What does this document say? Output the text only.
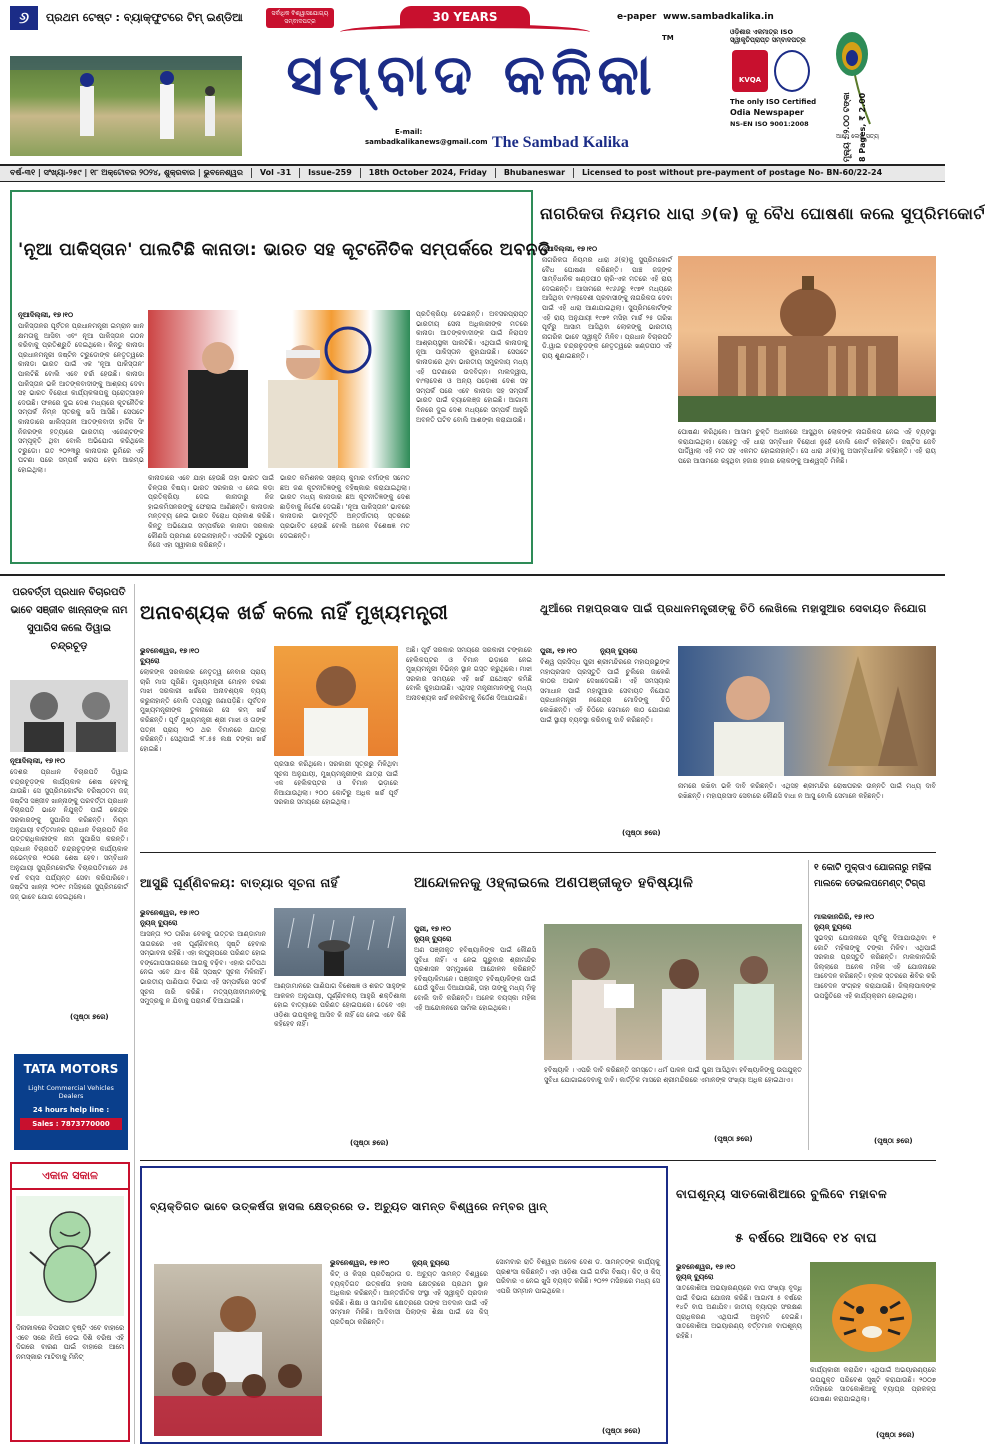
୬	ପ୍ରଥମ ଟେଷ୍ଟ : ବ୍ୟାକ୍‌ଫୁଟରେ ଟିମ୍ ଇଣ୍ଡିଆ	ସର୍ବାଧିକ ବିଶ୍ୱାସଯୋଗ୍ୟ ସମ୍ବାଦପତ୍ର	30 YEARS
ସମ୍ବାଦ କଳିକା
E-mail:
sambadkalikanews@gmail.com The Sambad Kalika
TM
e-paper www.sambadkalika.in
ଓଡ଼ିଶାର ଏକମାତ୍ର ISO ସ୍ୱୀକୃତିପ୍ରାପ୍ତ ସମ୍ବାଦପତ୍ର
KVQA
The only ISO Certified
Odia Newspaper
NS-EN ISO 9001:2008
ଆମେ ଲେଖୁ ସତ୍ୟ
ମୂଲ୍ୟ : ୨.୦୦ ଟଙ୍କା 8 Pages, ₹ 2.00
ବର୍ଷ-୩୧ | ସଂଖ୍ୟା-୨୫୯ | ୧୮ ଅକ୍ଟୋବର ୨୦୨୪, ଶୁକ୍ରବାର | ଭୁବନେଶ୍ୱର Vol -31 Issue-259 18th October 2024, Friday Bhubaneswar Licensed to post without pre-payment of postage No- BN-60/22-24
'ନୂଆ ପାକିସ୍ତାନ' ପାଲଟିଛି କାନାଡା: ଭାରତ ସହ କୂଟନୈତିକ ସମ୍ପର୍କରେ ଅବନତି
ନୂଆଦିଲ୍ଲୀ, ୧୭।୧୦
ପାକିସ୍ତାନର ପୂର୍ବତନ ପ୍ରଧାନମନ୍ତ୍ରୀ ଇମ୍ରାନ ଖାନ କ୍ଷମତାକୁ ଆସିବା ଏବଂ ନୂଆ ପାକିସ୍ତାନ ଗଠନ କରିବାକୁ ପ୍ରତିଶ୍ରୁତି ଦେଇଥିଲେ। କିନ୍ତୁ କାନାଡା ପ୍ରଧାନମନ୍ତ୍ରୀ ଜଷ୍ଟିନ ଟ୍ରୁଡୋଙ୍କ ନେତୃତ୍ୱରେ କାନାଡା ଭାରତ ପାଇଁ ଏକ 'ନୂଆ ପାକିସ୍ତାନ' ପାଲଟିଛି ବୋଲି ଏବେ ଚର୍ଚ୍ଚା ହେଉଛି। କାନାଡା ପାକିସ୍ତାନ ଭଳି ଆତଙ୍କବାଦୀଙ୍କୁ ଆଶ୍ରୟ ଦେବା ସହ ଭାରତ ବିରୋଧୀ କାର୍ଯ୍ୟକଳାପକୁ ପ୍ରୋତ୍ସାହନ ଦେଉଛି। ଫଳରେ ଦୁଇ ଦେଶ ମଧ୍ୟରେ କୂଟନୈତିକ ସମ୍ପର୍କ ନିମ୍ନ ସ୍ତରକୁ ଖସି ଆସିଛି। ସେପଟେ କାନାଡାରେ ଖାଲିସ୍ତାନୀ ଆତଙ୍କବାଦୀ ହାର୍ଦ୍ଦିକ ସିଂ ନିଜରଙ୍କ ହତ୍ୟାରେ ଭାରତୀୟ ଏଜେଣ୍ଟଙ୍କ ସମ୍ପୃକ୍ତି ଥିବା ବୋଲି ଅଭିଯୋଗ କରିଥିଲେ ଟ୍ରୁଡୋ। ଗତ ୨୦୨୩ରୁ କାନାଡାର ଭୂମିରେ ଏହି ଘଟଣା ପରେ ସମ୍ପର୍କ ଖରାପ ହେବା ଆରମ୍ଭ ହୋଇଥିଲା।
କାନାଡାରେ ଏବେ ଯାହା ହେଉଛି ତାହା ଭାରତ ପାଇଁ ଚିନ୍ତାର ବିଷୟ। ଭାରତ ସରକାର ଏ ନେଇ କଡ଼ା ପ୍ରତିକ୍ରିୟା ଦେଇ କାନାଡାରୁ ନିଜ ହାଇକମିସନରଙ୍କୁ ଫେରାଇ ଆଣିଛନ୍ତି। କାନାଡାର ମନ୍ତବ୍ୟ ନେଇ ଭାରତ ବିରୋଧ ପ୍ରକାଶ କରିଛି। କିନ୍ତୁ ଅଭିଯୋଗ ସମ୍ପର୍କରେ କାନାଡା ସରକାର କୌଣସି ପ୍ରମାଣ ଦେଇନାହାନ୍ତି। ଏପରିକି ଟ୍ରୁଡୋ ନିଜେ ଏହା ସ୍ୱୀକାର କରିଛନ୍ତି।
ଭାରତ କମିଶନର ସଞ୍ଜୟ କୁମାର ବର୍ମାଙ୍କ ସମେତ ଛଅ ଜଣ କୂଟନୀତିଜ୍ଞଙ୍କୁ ବହିଷ୍କାର କରାଯାଇଥିଲା। ଭାରତ ମଧ୍ୟ କାନାଡାର ଛଅ କୂଟନୀତିଜ୍ଞଙ୍କୁ ଦେଶ ଛାଡ଼ିବାକୁ ନିର୍ଦ୍ଦେଶ ଦେଇଛି। 'ନୂଆ ପାକିସ୍ତାନ' ଭାବରେ କାନାଡାର ଭାବମୂର୍ତ୍ତି ଅନ୍ତର୍ଜାତୀୟ ସ୍ତରରେ ପ୍ରଭାବିତ ହେଉଛି ବୋଲି ଅନେକ ବିଶେଷଜ୍ଞ ମତ ଦେଇଛନ୍ତି।
ପ୍ରତିକ୍ରିୟା ଦେଇଛନ୍ତି। ଅବସରପ୍ରାପ୍ତ ଭାରତୀୟ ସେନା ଅଧିକାରୀଙ୍କ ମତରେ କାନାଡା ଆତଙ୍କବାଦୀଙ୍କ ପାଇଁ ନିରାପଦ ଆଶ୍ରୟସ୍ଥଳୀ ପାଲଟିଛି। ଏଥିପାଇଁ କାନାଡାକୁ ନୂଆ ପାକିସ୍ତାନ କୁହାଯାଉଛି। ସେପଟେ କାନାଡାରେ ଥିବା ଭାରତୀୟ ସମ୍ପ୍ରଦାୟ ମଧ୍ୟ ଏହି ଘଟଣାରେ ଉଦବିଗ୍ନ। ମାଲଦ୍ୱୀପ, ବାଂଲାଦେଶ ଓ ଅନ୍ୟ ପଡ଼ୋଶୀ ଦେଶ ସହ ସମ୍ପର୍କ ପରେ ଏବେ କାନାଡା ସହ ସମ୍ପର୍କ ଭାରତ ପାଇଁ ଚ୍ୟାଲେଞ୍ଜ ହୋଇଛି। ଆଗାମୀ ଦିନରେ ଦୁଇ ଦେଶ ମଧ୍ୟରେ ସମ୍ପର୍କ ଆହୁରି ଅବନତି ଘଟିବ ବୋଲି ଆଶଙ୍କା କରାଯାଉଛି।
ନାଗରିକତା ନିୟମର ଧାରା ୬(କ) କୁ ବୈଧ ଘୋଷଣା କଲେ ସୁପ୍ରିମକୋର୍ଟ
ନୂଆଦିଲ୍ଲୀ, ୧୭।୧୦
ନାଗରିକତା ନିୟମର ଧାରା ୬(କ)କୁ ସୁପ୍ରିମକୋର୍ଟ ବୈଧ ଘୋଷଣା କରିଛନ୍ତି। ପାଞ୍ଚ ଜଜ୍‌ଙ୍କ ସାମ୍ବିଧାନିକ ଖଣ୍ଡପୀଠ ଚାରି-ଏକ ମତରେ ଏହି ରାୟ ଦେଇଛନ୍ତି। ଆସାମରେ ୧୯୬୬ରୁ ୧୯୭୧ ମଧ୍ୟରେ ଆସିଥିବା ବାଂଲାଦେଶୀ ପ୍ରବାସୀଙ୍କୁ ନାଗରିକତା ଦେବା ପାଇଁ ଏହି ଧାରା ଆଣାଯାଇଥିଲା। ସୁପ୍ରିମକୋର୍ଟଙ୍କ ଏହି ରାୟ ଅନୁଯାୟୀ ୧୯୭୧ ମସିହା ମାର୍ଚ୍ଚ ୨୫ ତାରିଖ ପୂର୍ବରୁ ଆସାମ ଆସିଥିବା ଲୋକଙ୍କୁ ଭାରତୀୟ ନାଗରିକ ଭାବେ ସ୍ୱୀକୃତି ମିଳିବ। ପ୍ରଧାନ ବିଚାରପତି ଡି.ୱାଇ ଚନ୍ଦ୍ରଚୂଡ଼ଙ୍କ ନେତୃତ୍ୱରେ ଖଣ୍ଡପୀଠ ଏହି ରାୟ ଶୁଣାଇଛନ୍ତି।
ଘୋଷଣା କରିଥିଲେ। ଆସାମ ଚୁକ୍ତି ଅଧୀନରେ ଆସୁଥିବା ଲୋକଙ୍କ ନାଗରିକତା ନେଇ ଏହି ବ୍ୟବସ୍ଥା କରାଯାଇଥିଲା। ସେହେତୁ ଏହି ଧାରା ସମ୍ବିଧାନ ବିରୋଧୀ ନୁହେଁ ବୋଲି କୋର୍ଟ କହିଛନ୍ତି। ଜଷ୍ଟିସ ଜେବି ପାର୍ଦ୍ଦିୱାଲା ଏହି ମତ ସହ ଏକମତ ହୋଇନାହାନ୍ତି। ସେ ଧାରା ୬(କ)କୁ ଅସାମ୍ବିଧାନିକ କହିଛନ୍ତି। ଏହି ରାୟ ପରେ ଆସାମରେ ରହୁଥିବା ହଜାର ହଜାର ଲୋକଙ୍କୁ ଆଶ୍ୱସ୍ତି ମିଳିଛି।
ପରବର୍ତ୍ତୀ ପ୍ରଧାନ ବିଚାରପତି ଭାବେ ସଞ୍ଜୀବ ଖାନ୍ନାଙ୍କ ନାମ ସୁପାରିସ କଲେ ଡିୱାଇ ଚନ୍ଦ୍ରଚୂଡ଼
ନୂଆଦିଲ୍ଲୀ, ୧୭।୧୦
ଦେଶର ପ୍ରଧାନ ବିଚାରପତି ଡିୱାଇ ଚନ୍ଦ୍ରଚୂଡ଼ଙ୍କ କାର୍ଯ୍ୟକାଳ ଶେଷ ହେବାକୁ ଯାଉଛି। ସେ ସୁପ୍ରିମକୋର୍ଟର ବରିଷ୍ଠତମ ଜଜ୍ ଜଷ୍ଟିସ ସଞ୍ଜୀବ ଖାନ୍ନାଙ୍କୁ ପରବର୍ତ୍ତୀ ପ୍ରଧାନ ବିଚାରପତି ଭାବେ ନିଯୁକ୍ତି ପାଇଁ କେନ୍ଦ୍ର ସରକାରଙ୍କୁ ସୁପାରିସ କରିଛନ୍ତି। ନିୟମ ଅନୁଯାୟୀ ବର୍ତ୍ତମାନର ପ୍ରଧାନ ବିଚାରପତି ନିଜ ଉତ୍ତରାଧିକାରୀଙ୍କ ନାମ ସୁପାରିସ କରନ୍ତି। ପ୍ରଧାନ ବିଚାରପତି ଚନ୍ଦ୍ରଚୂଡ଼ଙ୍କ କାର୍ଯ୍ୟକାଳ ନଭେମ୍ବର ୧୦ରେ ଶେଷ ହେବ। ସମ୍ବିଧାନ ଅନୁଯାୟୀ ସୁପ୍ରିମକୋର୍ଟର ବିଚାରପତିମାନେ ୬୫ ବର୍ଷ ବୟସ ପର୍ଯ୍ୟନ୍ତ ସେବା କରିପାରିବେ। ଜଷ୍ଟିସ ଖାନ୍ନା ୨୦୧୯ ମସିହାରେ ସୁପ୍ରିମକୋର୍ଟ ଜଜ୍ ଭାବେ ଯୋଗ ଦେଇଥିଲେ।
(ପୃଷ୍ଠା ୭ରେ)
TATA MOTORS
Light Commercial Vehicles
Dealers
24 hours help line :
Sales : 7873770000
ଏକାଳ ସକାଳ
ଦିନାକାଳରେ ବିପରୀତ ବୃଷ୍ଟି ଏବେ ବାହାରେ ଏବେ ସରେ ନିଆଁ ଦେଇ ଦିଶି ବରିଷ ଏହି ଦିଗରେ ବାରଣ ପାଇଁ ବାହାରେ ଆମେ ନମସ୍କାର ମାଟିବାକୁ ମିନିଟ୍
ଅନାବଶ୍ୟକ ଖର୍ଚ୍ଚ କଲେ ନାହିଁ ମୁଖ୍ୟମନ୍ତ୍ରୀ
ଭୁବନେଶ୍ୱର, ୧୭।୧୦
ବ୍ୟୁରୋ
ଲୋକଙ୍କ ସରକାରର ନେତୃତ୍ୱ ନେବାର ପ୍ରାୟ ଚାରି ମାସ ପୂରିଛି। ମୁଖ୍ୟମନ୍ତ୍ରୀ ମୋହନ ଚରଣ ମାଝୀ ସରକାରୀ ଖର୍ଚ୍ଚରେ ଅନାବଶ୍ୟକ ବ୍ୟୟ କରୁନାହାନ୍ତି ବୋଲି ତଥ୍ୟରୁ ଜଣାପଡ଼ିଛି। ପୂର୍ବତନ ମୁଖ୍ୟମନ୍ତ୍ରୀଙ୍କ ତୁଳନାରେ ସେ କମ୍ ଖର୍ଚ୍ଚ କରିଛନ୍ତି। ପୂର୍ବ ମୁଖ୍ୟମନ୍ତ୍ରୀ ଶ୍ରୀ ମାଝୀ ଓ ତାଙ୍କ ପତ୍ନୀ ପ୍ରାୟ ୨୦ ଥର ବିମାନରେ ଯାତ୍ରା କରିଛନ୍ତି। ସେଥିପାଇଁ ୨୮.୫୫ ଲକ୍ଷ ଟଙ୍କା ଖର୍ଚ୍ଚ ହୋଇଛି।
ପ୍ରସାର କରିଥିଲେ। ସରକାରୀ ସୂତ୍ରରୁ ମିଳିଥିବା ସୂଚନା ଅନୁଯାୟୀ, ମୁଖ୍ୟମନ୍ତ୍ରୀଙ୍କ ଯାତ୍ରା ପାଇଁ ଏକ ହେଲିକପ୍ଟର ଓ ବିମାନ ଭଡ଼ାରେ ନିଆଯାଉଥିଲା। ୨୦୦ କୋଟିରୁ ଅଧିକ ଖର୍ଚ୍ଚ ପୂର୍ବ ସରକାର ସମୟରେ ହୋଇଥିଲା।
ଅଛି। ପୂର୍ବ ସରକାର ସମୟରେ ସରକାରୀ ଟଙ୍କାରେ ହେଲିକପ୍ଟର ଓ ବିମାନ ଭଡ଼ାରେ ନେଇ ମୁଖ୍ୟମନ୍ତ୍ରୀ ବିଭିନ୍ନ ସ୍ଥାନ ଗସ୍ତ କରୁଥିଲେ। ମାଝୀ ସରକାର ସମୟରେ ଏହି ଖର୍ଚ୍ଚ ଯଥେଷ୍ଟ କମିଛି ବୋଲି କୁହାଯାଉଛି। ଏଥିସହ ମନ୍ତ୍ରୀମାନଙ୍କୁ ମଧ୍ୟ ଅନାବଶ୍ୟକ ଖର୍ଚ୍ଚ ନକରିବାକୁ ନିର୍ଦ୍ଦେଶ ଦିଆଯାଇଛି।
ଥୁଆଁରେ ମହାପ୍ରସାଦ ପାଇଁ ପ୍ରଧାନମନ୍ତ୍ରୀଙ୍କୁ ଚିଠି ଲେଖିଲେ ମହାସୁଆର ସେବାୟତ ନିଯୋଗ
ପୁରୀ, ୧୭।୧୦	ନ୍ୟୁଜ୍ ବ୍ୟୁରୋ
ବିଶ୍ୱ ପ୍ରସିଦ୍ଧ ପୁରୀ ଶ୍ରୀମନ୍ଦିରରେ ମହାପ୍ରଭୁଙ୍କ ମହାପ୍ରସାଦ ପ୍ରସ୍ତୁତି ପାଇଁ ଚୁଲିରେ ଜାଳେଣି କାଠର ଅଭାବ ଦେଖାଦେଇଛି। ଏହି ସମସ୍ୟାର ସମାଧାନ ପାଇଁ ମହାସୁଆର ସେବାୟତ ନିଯୋଗ ପ୍ରଧାନମନ୍ତ୍ରୀ ନରେନ୍ଦ୍ର ମୋଦିଙ୍କୁ ଚିଠି ଲେଖିଛନ୍ତି। ଏହି ଚିଠିରେ ସେମାନେ କାଠ ଯୋଗାଣ ପାଇଁ ସ୍ଥାୟୀ ବ୍ୟବସ୍ଥା କରିବାକୁ ଦାବି କରିଛନ୍ତି।
ନାମରେ ରଖିବା ଭଳି ଦାବି କରିଛନ୍ତି। ଏଥିସହ ଶ୍ରୀମନ୍ଦିର ରୋଷଘରର ଉନ୍ନତି ପାଇଁ ମଧ୍ୟ ଦାବି ରଖିଛନ୍ତି। ମହାପ୍ରସାଦ ସେବାରେ କୌଣସି ବାଧା ନ ଆସୁ ବୋଲି ସେମାନେ କହିଛନ୍ତି।
(ପୃଷ୍ଠା ୭ରେ)
ଆସୁଛି ଘୂର୍ଣ୍ଣିବଳୟ: ବାତ୍ୟାର ସୂଚନା ନାହିଁ
ଭୁବନେଶ୍ୱର, ୧୭।୧୦
ନ୍ୟୁଜ୍ ବ୍ୟୁରୋ
ଆସନ୍ତା ୨୦ ତାରିଖ ବେଳକୁ ଉତ୍ତର ଆଣ୍ଡାମାନ ସାଗରରେ ଏକ ଘୂର୍ଣ୍ଣିବଳୟ ସୃଷ୍ଟି ହେବାର ସମ୍ଭାବନା ରହିଛି। ଏହା ଲଘୁଚାପରେ ପରିଣତ ହୋଇ ବଙ୍ଗୋପସାଗରରେ ଆଗକୁ ବଢ଼ିବ। ଏହାର ଗତିପଥ ନେଇ ଏବେ ଯାଏ କିଛି ସ୍ପଷ୍ଟ ସୂଚନା ମିଳିନାହିଁ। ଭାରତୀୟ ପାଣିପାଗ ବିଭାଗ ଏହି ସମ୍ପର୍କରେ ସତର୍କ ସୂଚନା ଜାରି କରିଛି। ମତ୍ସ୍ୟଜୀବୀମାନଙ୍କୁ ସମୁଦ୍ରକୁ ନ ଯିବାକୁ ପରାମର୍ଶ ଦିଆଯାଇଛି।
ଆଣ୍ଡାମାନରେ ପାଣିପାଗ ବିଶେଷଜ୍ଞ ଓ ଶରତ ସାହୁଙ୍କ ଆକଳନ ଅନୁଯାୟୀ, ଘୂର୍ଣ୍ଣିବଳୟ ଆହୁରି ଶକ୍ତିଶାଳୀ ହୋଇ ବାତ୍ୟାରେ ପରିଣତ ହୋଇପାରେ। ତେବେ ଏହା ଓଡ଼ିଶା ଉପକୂଳକୁ ଆସିବ କି ନାହିଁ ସେ ନେଇ ଏବେ କିଛି କହିହେବ ନାହିଁ।
(ପୃଷ୍ଠା ୭ରେ)
ଆନ୍ଦୋଳନକୁ ଓହ୍ଲାଇଲେ ଅଣପଞ୍ଜୀକୃତ ହବିଷ୍ୟାଳି
ପୁରୀ, ୧୭।୧୦
ନ୍ୟୁଜ୍ ବ୍ୟୁରୋ
ଅଣ ପଞ୍ଜୀକୃତ ହବିଷ୍ୟାଳିଙ୍କ ପାଇଁ କୌଣସି ସୁବିଧା ନାହିଁ। ଏ ନେଇ ଗୁରୁବାର ଶ୍ରୀମନ୍ଦିର ପ୍ରଶାସନ ସମ୍ମୁଖରେ ଆନ୍ଦୋଳନ କରିଛନ୍ତି ହବିଷ୍ୟାଳିମାନେ। ପଞ୍ଜୀକୃତ ହବିଷ୍ୟାଳିଙ୍କ ପାଇଁ ଯେଉଁ ସୁବିଧା ଦିଆଯାଉଛି, ତାହା ତାଙ୍କୁ ମଧ୍ୟ ମିଳୁ ବୋଲି ଦାବି କରିଛନ୍ତି। ଅନେକ ବୟସ୍କା ମହିଳା ଏହି ଆନ୍ଦୋଳନରେ ସାମିଲ ହୋଇଥିଲେ।
ହବିଷ୍ୟାଳି । ଏପରି ଦାବି କରିଛନ୍ତି ସମସ୍ତେ। ଧର୍ମ ପାଳନ ପାଇଁ ପୁରୀ ଆସିଥିବା ହବିଷ୍ୟାଳିଙ୍କୁ ଉପଯୁକ୍ତ ସୁବିଧା ଯୋଗାଇଦେବାକୁ ଦାବି। କାର୍ତ୍ତିକ ମାସରେ ଶ୍ରୀମନ୍ଦିରରେ ଏମାନଙ୍କ ସଂଖ୍ୟା ଅଧିକ ହୋଇଥାଏ।
(ପୃଷ୍ଠା ୭ରେ)
୧ କୋଟି ମୁକ୍ତାଏ ଯୋଜନାରୁ ମହିଳା ମାଲକେ ଡେଭଲପମେଣ୍ଟ୍ ଟିଗ୍ରା
ମାଲକାନଗିରି, ୧୭।୧୦
ନ୍ୟୁଜ୍ ବ୍ୟୁରୋ
ସୁଭଦ୍ରା ଯୋଜନାରେ ପୂର୍ବକୁ ଦିଆଯାଉଥିବା ୧ କୋଟି ମହିଳାଙ୍କୁ ଟଙ୍କା ମିଳିବ। ଏଥିପାଇଁ ସରକାର ପ୍ରସ୍ତୁତି କରିଛନ୍ତି। ମାଲକାନଗିରି ଜିଲ୍ଲାରେ ଅନେକ ମହିଳା ଏହି ଯୋଜନାରେ ଆବେଦନ କରିଛନ୍ତି। ବ୍ଲକ ସ୍ତରରେ ଶିବିର କରି ଆବେଦନ ସଂଗ୍ରହ କରାଯାଉଛି। ଜିଲ୍ଲାପାଳଙ୍କ ଉପସ୍ଥିତିରେ ଏହି କାର୍ଯ୍ୟକ୍ରମ ହୋଇଥିଲା।
(ପୃଷ୍ଠା ୭ରେ)
ବ୍ୟକ୍ତିଗତ ଭାବେ ଉତ୍କର୍ଷତା ହାସଲ କ୍ଷେତ୍ରରେ ଡ. ଅଚ୍ୟୁତ ସାମନ୍ତ ବିଶ୍ୱରେ ନମ୍ବର ୱାନ୍
ଭୁବନେଶ୍ୱର, ୧୭।୧୦	ନ୍ୟୁଜ୍ ବ୍ୟୁରୋ
କିଟ୍ ଓ କିସ୍‌ର ପ୍ରତିଷ୍ଠାତା ଡ. ଅଚ୍ୟୁତ ସାମନ୍ତ ବିଶ୍ୱରେ ବ୍ୟକ୍ତିଗତ ଉତ୍କର୍ଷତା ହାସଲ କ୍ଷେତ୍ରରେ ପ୍ରଥମ ସ୍ଥାନ ଅଧିକାର କରିଛନ୍ତି। ଆନ୍ତର୍ଜାତିକ ସଂସ୍ଥା ଏହି ସ୍ୱୀକୃତି ପ୍ରଦାନ କରିଛି। ଶିକ୍ଷା ଓ ସାମାଜିକ କ୍ଷେତ୍ରରେ ତାଙ୍କ ଅବଦାନ ପାଇଁ ଏହି ସମ୍ମାନ ମିଳିଛି। ଆଦିବାସୀ ପିଲାଙ୍କ ଶିକ୍ଷା ପାଇଁ ସେ କିସ୍ ପ୍ରତିଷ୍ଠା କରିଛନ୍ତି।
ସୋମବାର ରାତି ବିଶ୍ୱର ଅନେକ ଦେଶ ଡ. ସାମନ୍ତଙ୍କ କାର୍ଯ୍ୟକୁ ପ୍ରଶଂସା କରିଛନ୍ତି। ଏହା ଓଡ଼ିଶା ପାଇଁ ଗର୍ବର ବିଷୟ। କିଟ୍ ଓ କିସ୍ ପରିବାର ଏ ନେଇ ଖୁସି ବ୍ୟକ୍ତ କରିଛି। ୨୦୨୨ ମସିହାରେ ମଧ୍ୟ ସେ ଏପରି ସମ୍ମାନ ପାଇଥିଲେ।
(ପୃଷ୍ଠା ୭ରେ)
ବାଘଶୂନ୍ୟ ସାତକୋଶିଆରେ ବୁଲିବେ ମହାବଳ
୫ ବର୍ଷରେ ଆସିବେ ୧୪ ବାଘ
ଭୁବନେଶ୍ୱର, ୧୭।୧୦
ନ୍ୟୁଜ୍ ବ୍ୟୁରୋ
ସାତକୋଶିଆ ଅଭୟାରଣ୍ୟରେ ବାଘ ସଂଖ୍ୟା ବୃଦ୍ଧି ପାଇଁ ବିଭାଗ ଯୋଜନା କରିଛି। ଆଗାମୀ ୫ ବର୍ଷରେ ୧୪ଟି ବାଘ ଅଣାଯିବ। ଜାତୀୟ ବ୍ୟାଘ୍ର ସଂରକ୍ଷଣ ପ୍ରାଧିକରଣ ଏଥିପାଇଁ ଅନୁମତି ଦେଇଛି। ସାତକୋଶିଆ ଅଭୟାରଣ୍ୟ ବର୍ତ୍ତମାନ ବାଘଶୂନ୍ୟ ରହିଛି।
କାର୍ଯ୍ୟକାରୀ କରାଯିବ। ଏଥିପାଇଁ ଅଭୟାରଣ୍ୟରେ ଉପଯୁକ୍ତ ପରିବେଶ ସୃଷ୍ଟି କରାଯାଉଛି। ୨୦୦୭ ମସିହାରେ ସାତକୋଶିଆକୁ ବ୍ୟାଘ୍ର ପ୍ରକଳ୍ପ ଘୋଷଣା କରାଯାଇଥିଲା।
(ପୃଷ୍ଠା ୭ରେ)
